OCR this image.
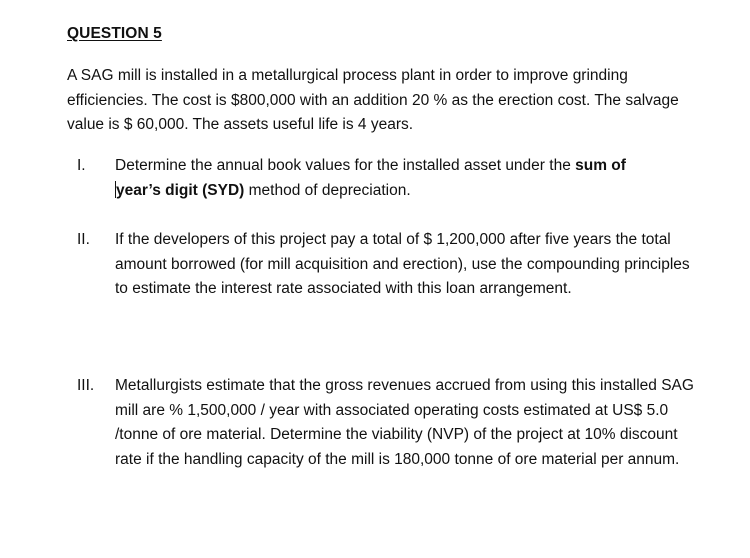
QUESTION 5
A SAG mill is installed in a metallurgical process plant in order to improve grinding efficiencies. The cost is $800,000 with an addition 20 % as the erection cost. The salvage value is $ 60,000. The assets useful life is 4 years.
I.	Determine the annual book values for the installed asset under the sum of
year’s digit (SYD) method of depreciation.
II.	If the developers of this project pay a total of $ 1,200,000 after five years the total amount borrowed (for mill acquisition and erection), use the compounding principles to estimate the interest rate associated with this loan arrangement.
III.	Metallurgists estimate that the gross revenues accrued from using this installed SAG mill are % 1,500,000 / year with associated operating costs estimated at US$ 5.0 /tonne of ore material. Determine the viability (NVP) of the project at 10% discount rate if the handling capacity of the mill is 180,000 tonne of ore material per annum.
